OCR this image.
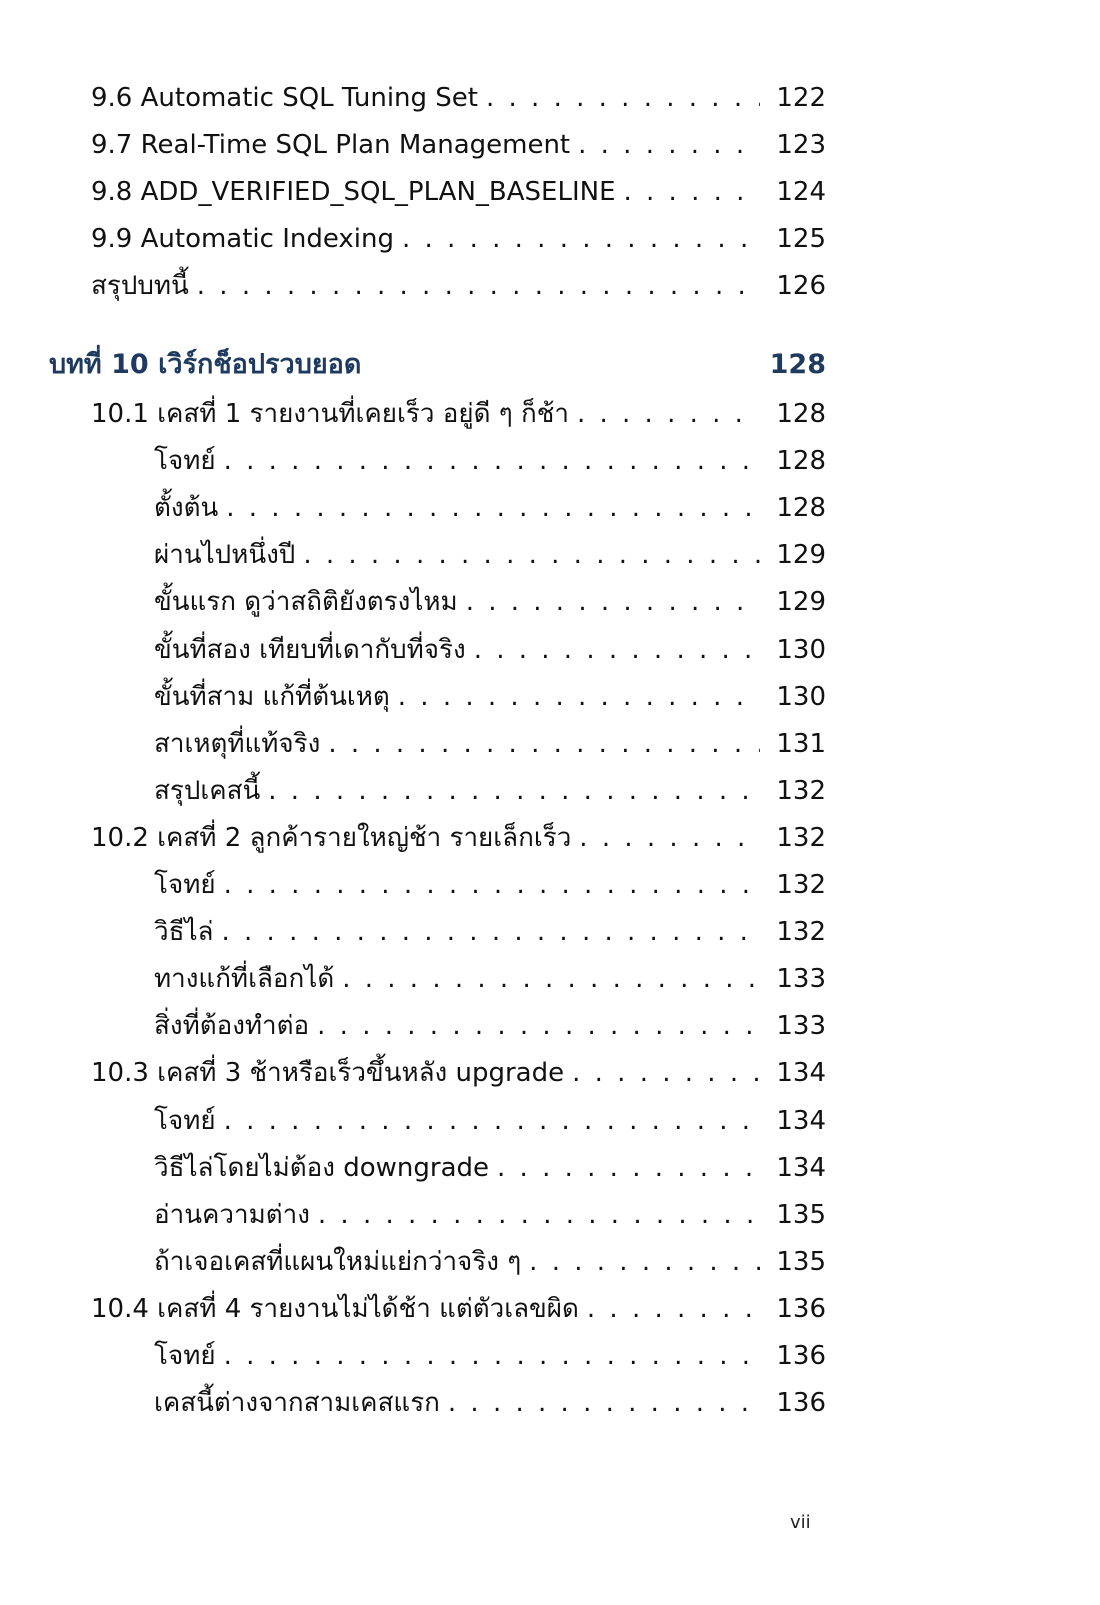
9.6 Automatic SQL Tuning Set . . .	122
9.7 Real-Time SQL Plan Management . . .	123
9.8 ADD_VERIFIED_SQL_PLAN_BASELINE . . .	124
9.9 Automatic Indexing . . .	125
สรุปบทนี้ . . .	126
บทที่ 10 เวิร์กช็อปรวบยอด	128
10.1 เคสที่ 1 รายงานที่เคยเร็ว อยู่ดี ๆ ก็ช้า . . .	128
โจทย์ . . .	128
ตั้งต้น . . .	128
ผ่านไปหนึ่งปี . . .	129
ขั้นแรก ดูว่าสถิติยังตรงไหม . . .	129
ขั้นที่สอง เทียบที่เดากับที่จริง . . .	130
ขั้นที่สาม แก้ที่ต้นเหตุ . . .	130
สาเหตุที่แท้จริง . . .	131
สรุปเคสนี้ . . .	132
10.2 เคสที่ 2 ลูกค้ารายใหญ่ช้า รายเล็กเร็ว . . .	132
โจทย์ . . .	132
วิธีไล่ . . .	132
ทางแก้ที่เลือกได้ . . .	133
สิ่งที่ต้องทำต่อ . . .	133
10.3 เคสที่ 3 ช้าหรือเร็วขึ้นหลัง upgrade . . .	134
โจทย์ . . .	134
วิธีไล่โดยไม่ต้อง downgrade . . .	134
อ่านความต่าง . . .	135
ถ้าเจอเคสที่แผนใหม่แย่กว่าจริง ๆ . . .	135
10.4 เคสที่ 4 รายงานไม่ได้ช้า แต่ตัวเลขผิด . . .	136
โจทย์ . . .	136
เคสนี้ต่างจากสามเคสแรก . . .	136
vii
